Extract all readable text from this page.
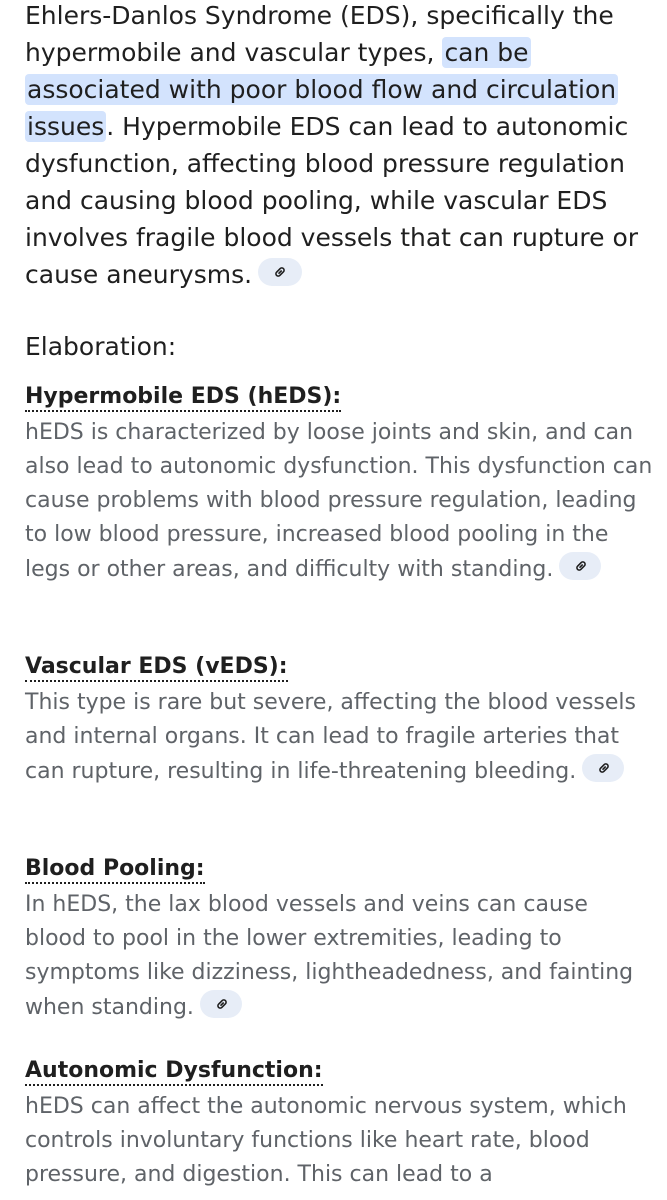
Ehlers-Danlos Syndrome (EDS), specifically the hypermobile and vascular types, can be associated with poor blood flow and circulation issues. Hypermobile EDS can lead to autonomic dysfunction, affecting blood pressure regulation and causing blood pooling, while vascular EDS involves fragile blood vessels that can rupture or cause aneurysms.

Elaboration:
Hypermobile EDS (hEDS):

hEDS is characterized by loose joints and skin, and can also lead to autonomic dysfunction. This dysfunction can cause problems with blood pressure regulation, leading to low blood pressure, increased blood pooling in the legs or other areas, and difficulty with standing.

Vascular EDS (vEDS):

This type is rare but severe, affecting the blood vessels and internal organs. It can lead to fragile arteries that can rupture, resulting in life-threatening bleeding.

Blood Pooling:

In hEDS, the lax blood vessels and veins can cause blood to pool in the lower extremities, leading to symptoms like dizziness, lightheadedness, and fainting when standing.

Autonomic Dysfunction:

hEDS can affect the autonomic nervous system, which controls involuntary functions like heart rate, blood pressure, and digestion. This can lead to a
